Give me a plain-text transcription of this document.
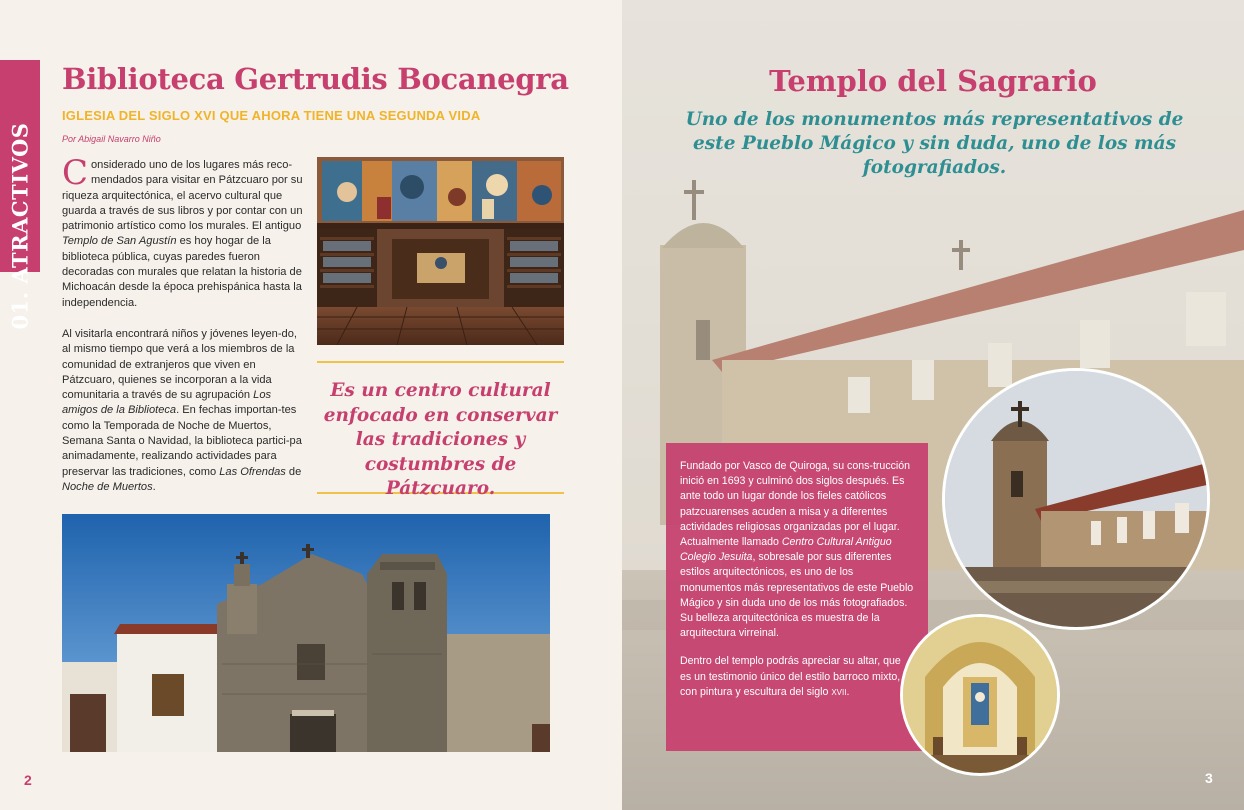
01. ATRACTIVOS
Biblioteca Gertrudis Bocanegra
IGLESIA DEL SIGLO XVI QUE AHORA TIENE UNA SEGUNDA VIDA
Por Abigail Navarro Niño
Considerado uno de los lugares más reco-mendados para visitar en Pátzcuaro por su riqueza arquitectónica, el acervo cultural que guarda a través de sus libros y por contar con un patrimonio artístico como los murales. El antiguo Templo de San Agustín es hoy hogar de la biblioteca pública, cuyas paredes fueron decoradas con murales que relatan la historia de Michoacán desde la época prehispánica hasta la independencia.
Al visitarla encontrará niños y jóvenes leyen-do, al mismo tiempo que verá a los miembros de la comunidad de extranjeros que viven en Pátzcuaro, quienes se incorporan a la vida comunitaria a través de su agrupación Los amigos de la Biblioteca. En fechas importan-tes como la Temporada de Noche de Muertos, Semana Santa o Navidad, la biblioteca partici-pa animadamente, realizando actividades para preservar las tradiciones, como Las Ofrendas de Noche de Muertos.
Es un centro cultural enfocado en conservar las tradiciones y costumbres de Pátzcuaro.
2
Templo del Sagrario
Uno de los monumentos más representativos de este Pueblo Mágico y sin duda, uno de los más fotografiados.

Fundado por Vasco de Quiroga, su cons-trucción inició en 1693 y culminó dos siglos después. Es ante todo un lugar donde los fieles católicos patzcuarenses acuden a misa y a diferentes actividades religiosas organizadas por el lugar. Actualmente llamado Centro Cultural Antiguo Colegio Jesuita, sobresale por sus diferentes estilos arquitectónicos, es uno de los monumentos más representativos de este Pueblo Mágico y sin duda uno de los más fotografiados. Su belleza arquitectónica es muestra de la arquitectura virreinal.

Dentro del templo podrás apreciar su altar, que es un testimonio único del estilo barroco mixto, con pintura y escultura del siglo XVII.

3
